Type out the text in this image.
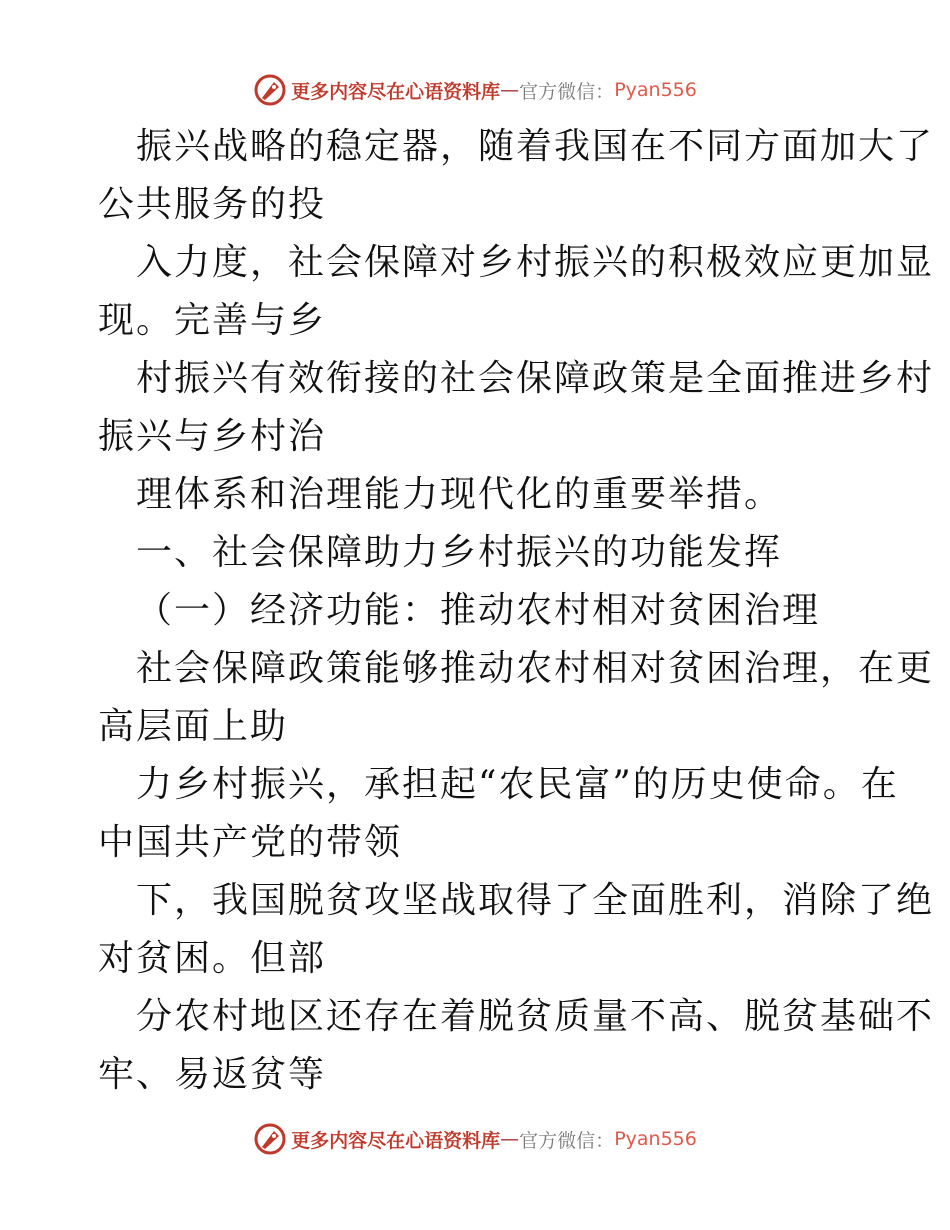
更多内容尽在心语资料库 — 官方微信： Pyan556
振兴战略的稳定器，随着我国在不同方面加大了
公共服务的投
入力度，社会保障对乡村振兴的积极效应更加显
现。完善与乡
村振兴有效衔接的社会保障政策是全面推进乡村
振兴与乡村治
理体系和治理能力现代化的重要举措。
一、社会保障助力乡村振兴的功能发挥
（一）经济功能：推动农村相对贫困治理
社会保障政策能够推动农村相对贫困治理，在更
高层面上助
力乡村振兴，承担起“农民富”的历史使命。在
中国共产党的带领
下，我国脱贫攻坚战取得了全面胜利，消除了绝
对贫困。但部
分农村地区还存在着脱贫质量不高、脱贫基础不
牢、易返贫等
更多内容尽在心语资料库 — 官方微信： Pyan556
